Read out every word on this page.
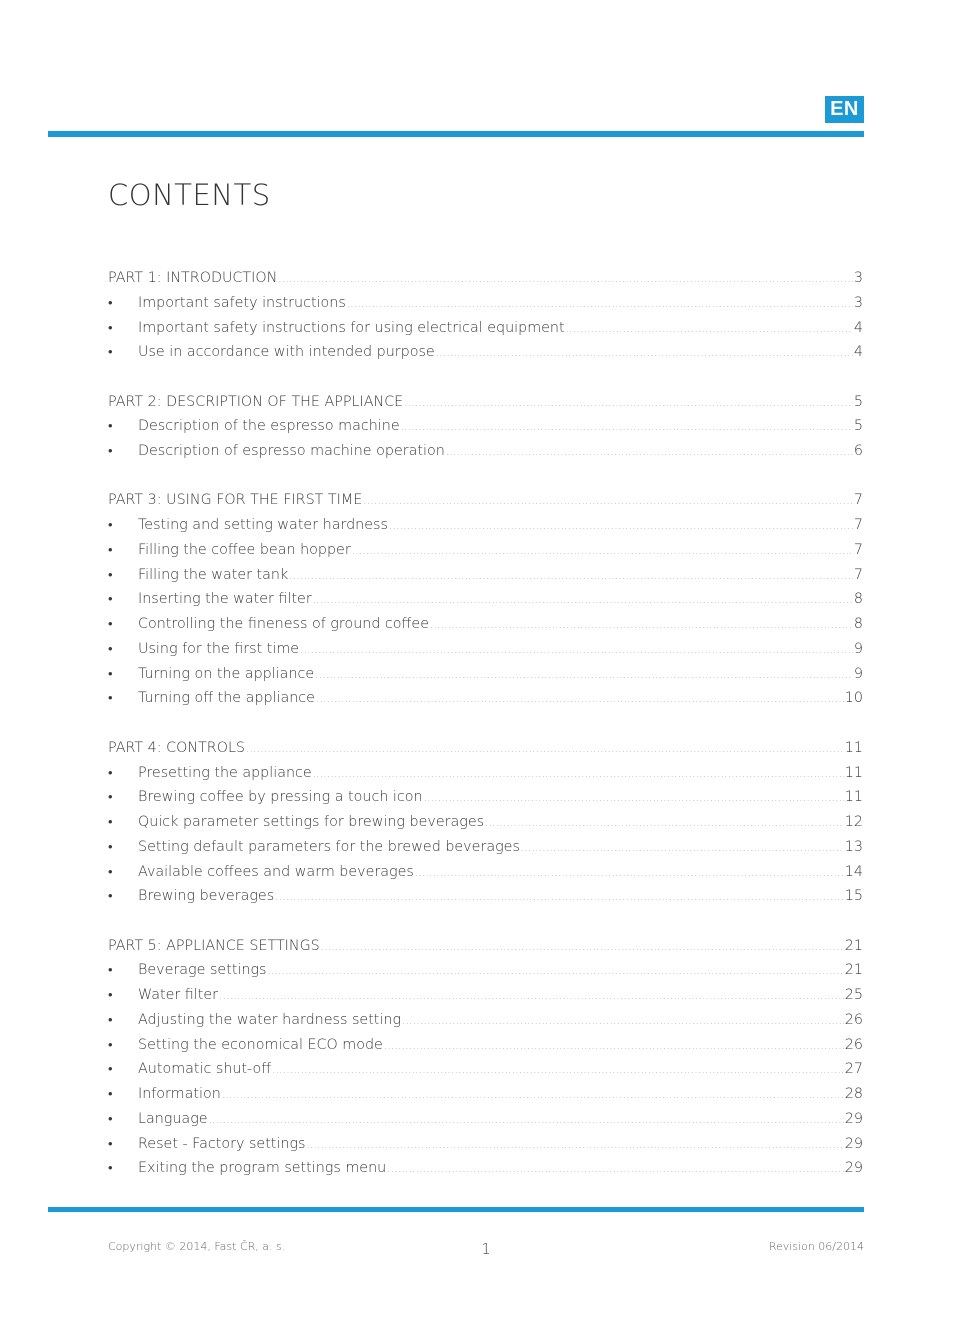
EN
CONTENTS
PART 1: INTRODUCTION .....	3
•	Important safety instructions .....	3
•	Important safety instructions for using electrical equipment .....	4
•	Use in accordance with intended purpose .....	4
PART 2: DESCRIPTION OF THE APPLIANCE .....	5
•	Description of the espresso machine .....	5
•	Description of espresso machine operation .....	6
PART 3: USING FOR THE FIRST TIME .....	7
•	Testing and setting water hardness .....	7
•	Filling the coffee bean hopper .....	7
•	Filling the water tank .....	7
•	Inserting the water filter .....	8
•	Controlling the fineness of ground coffee .....	8
•	Using for the first time .....	9
•	Turning on the appliance .....	9
•	Turning off the appliance .....	10
PART 4: CONTROLS .....	11
•	Presetting the appliance .....	11
•	Brewing coffee by pressing a touch icon .....	11
•	Quick parameter settings for brewing beverages .....	12
•	Setting default parameters for the brewed beverages .....	13
•	Available coffees and warm beverages .....	14
•	Brewing beverages .....	15
PART 5: APPLIANCE SETTINGS .....	21
•	Beverage settings .....	21
•	Water filter .....	25
•	Adjusting the water hardness setting .....	26
•	Setting the economical ECO mode .....	26
•	Automatic shut-off .....	27
•	Information .....	28
•	Language .....	29
•	Reset - Factory settings .....	29
•	Exiting the program settings menu .....	29
Copyright © 2014, Fast ČR, a. s.	1	Revision 06/2014
